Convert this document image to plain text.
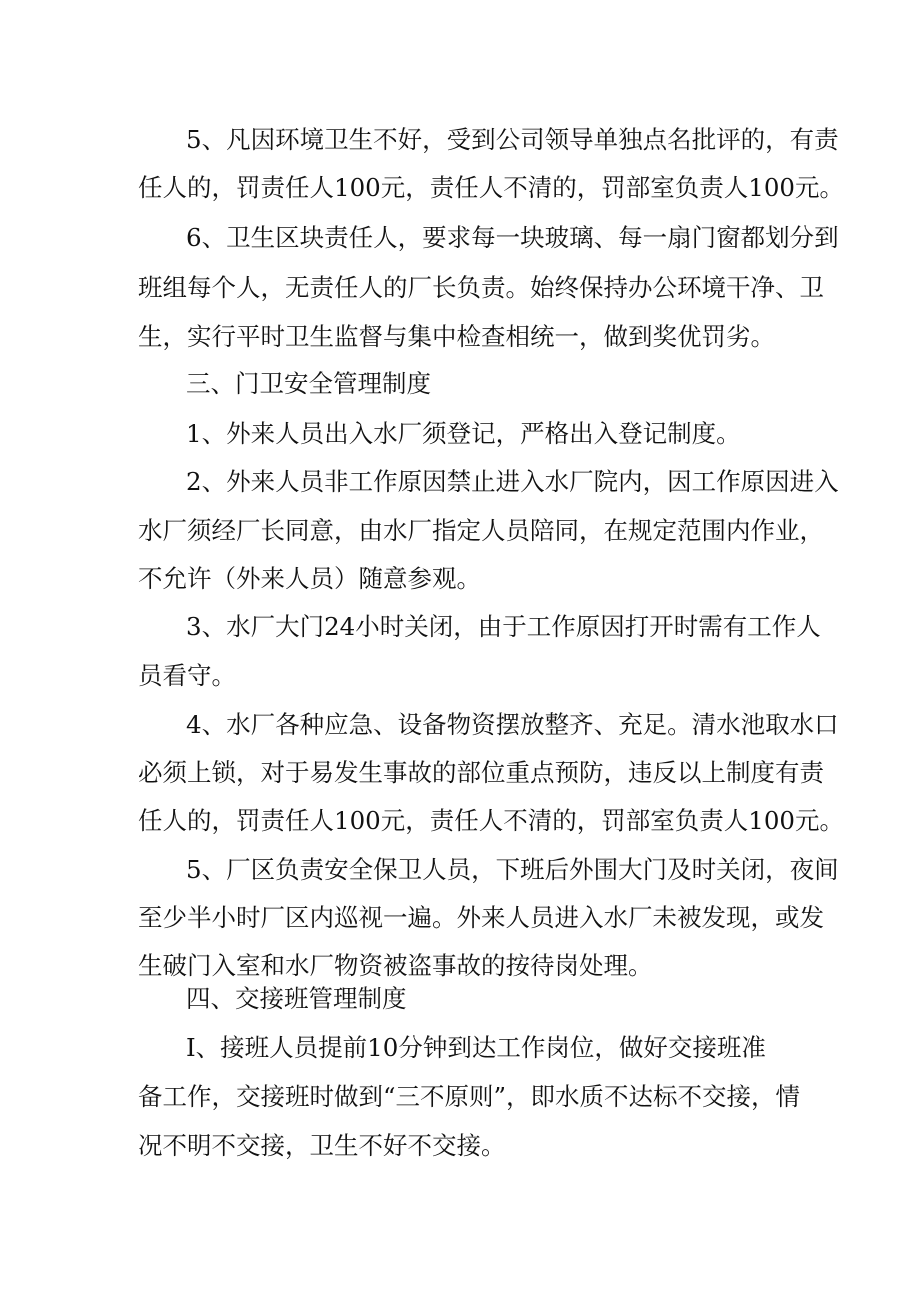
5、凡因环境卫生不好，受到公司领导单独点名批评的，有责
任人的，罚责任人100元，责任人不清的，罚部室负责人100元。
6、卫生区块责任人，要求每一块玻璃、每一扇门窗都划分到
班组每个人，无责任人的厂长负责。始终保持办公环境干净、卫
生，实行平时卫生监督与集中检查相统一，做到奖优罚劣。
三、门卫安全管理制度
1、外来人员出入水厂须登记，严格出入登记制度。
2、外来人员非工作原因禁止进入水厂院内，因工作原因进入
水厂须经厂长同意，由水厂指定人员陪同，在规定范围内作业，
不允许（外来人员）随意参观。
3、水厂大门24小时关闭，由于工作原因打开时需有工作人
员看守。
4、水厂各种应急、设备物资摆放整齐、充足。清水池取水口
必须上锁，对于易发生事故的部位重点预防，违反以上制度有责
任人的，罚责任人100元，责任人不清的，罚部室负责人100元。
5、厂区负责安全保卫人员，下班后外围大门及时关闭，夜间
至少半小时厂区内巡视一遍。外来人员进入水厂未被发现，或发
生破门入室和水厂物资被盗事故的按待岗处理。
四、交接班管理制度
Ⅰ、接班人员提前10分钟到达工作岗位，做好交接班准
备工作，交接班时做到“三不原则”，即水质不达标不交接，情
况不明不交接，卫生不好不交接。
